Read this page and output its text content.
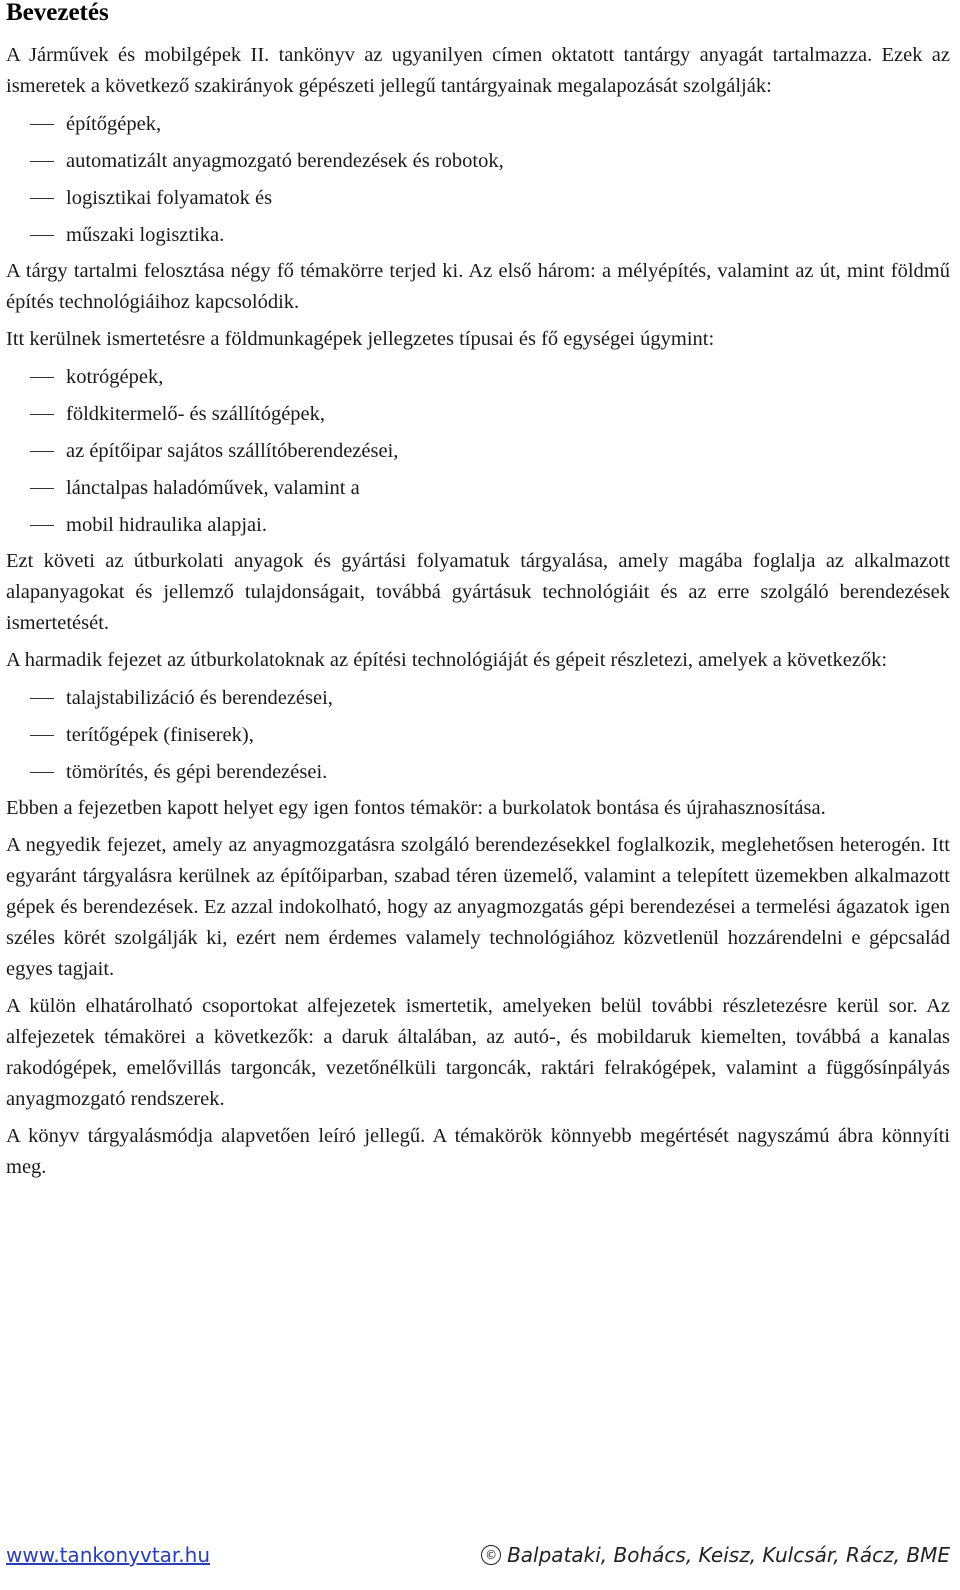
Bevezetés

A Járművek és mobilgépek II. tankönyv az ugyanilyen címen oktatott tantárgy anyagát tartalmazza. Ezek az ismeretek a következő szakirányok gépészeti jellegű tantárgyainak megalapozását szolgálják:

építőgépek,
automatizált anyagmozgató berendezések és robotok,
logisztikai folyamatok és
műszaki logisztika.

A tárgy tartalmi felosztása négy fő témakörre terjed ki. Az első három: a mélyépítés, valamint az út, mint földmű építés technológiáihoz kapcsolódik.

Itt kerülnek ismertetésre a földmunkagépek jellegzetes típusai és fő egységei úgymint:

kotrógépek,
földkitermelő- és szállítógépek,
az építőipar sajátos szállítóberendezései,
lánctalpas haladóművek, valamint a
mobil hidraulika alapjai.

Ezt követi az útburkolati anyagok és gyártási folyamatuk tárgyalása, amely magába foglalja az alkalmazott alapanyagokat és jellemző tulajdonságait, továbbá gyártásuk technológiáit és az erre szolgáló berendezések ismertetését.

A harmadik fejezet az útburkolatoknak az építési technológiáját és gépeit részletezi, amelyek a következők:

talajstabilizáció és berendezései,
terítőgépek (finiserek),
tömörítés, és gépi berendezései.

Ebben a fejezetben kapott helyet egy igen fontos témakör: a burkolatok bontása és újrahasznosítása.

A negyedik fejezet, amely az anyagmozgatásra szolgáló berendezésekkel foglalkozik, meglehetősen heterogén. Itt egyaránt tárgyalásra kerülnek az építőiparban, szabad téren üzemelő, valamint a telepített üzemekben alkalmazott gépek és berendezések. Ez azzal indokolható, hogy az anyagmozgatás gépi berendezései a termelési ágazatok igen széles körét szolgálják ki, ezért nem érdemes valamely technológiához közvetlenül hozzárendelni e gépcsalád egyes tagjait.

A külön elhatárolható csoportokat alfejezetek ismertetik, amelyeken belül további részletezésre kerül sor. Az alfejezetek témakörei a következők: a daruk általában, az autó-, és mobildaruk kiemelten, továbbá a kanalas rakodógépek, emelővillás targoncák, vezetőnélküli targoncák, raktári felrakógépek, valamint a függősínpályás anyagmozgató rendszerek.

A könyv tárgyalásmódja alapvetően leíró jellegű. A témakörök könnyebb megértését nagyszámú ábra könnyíti meg.

www.tankonyvtar.hu	© Balpataki, Bohács, Keisz, Kulcsár, Rácz, BME
